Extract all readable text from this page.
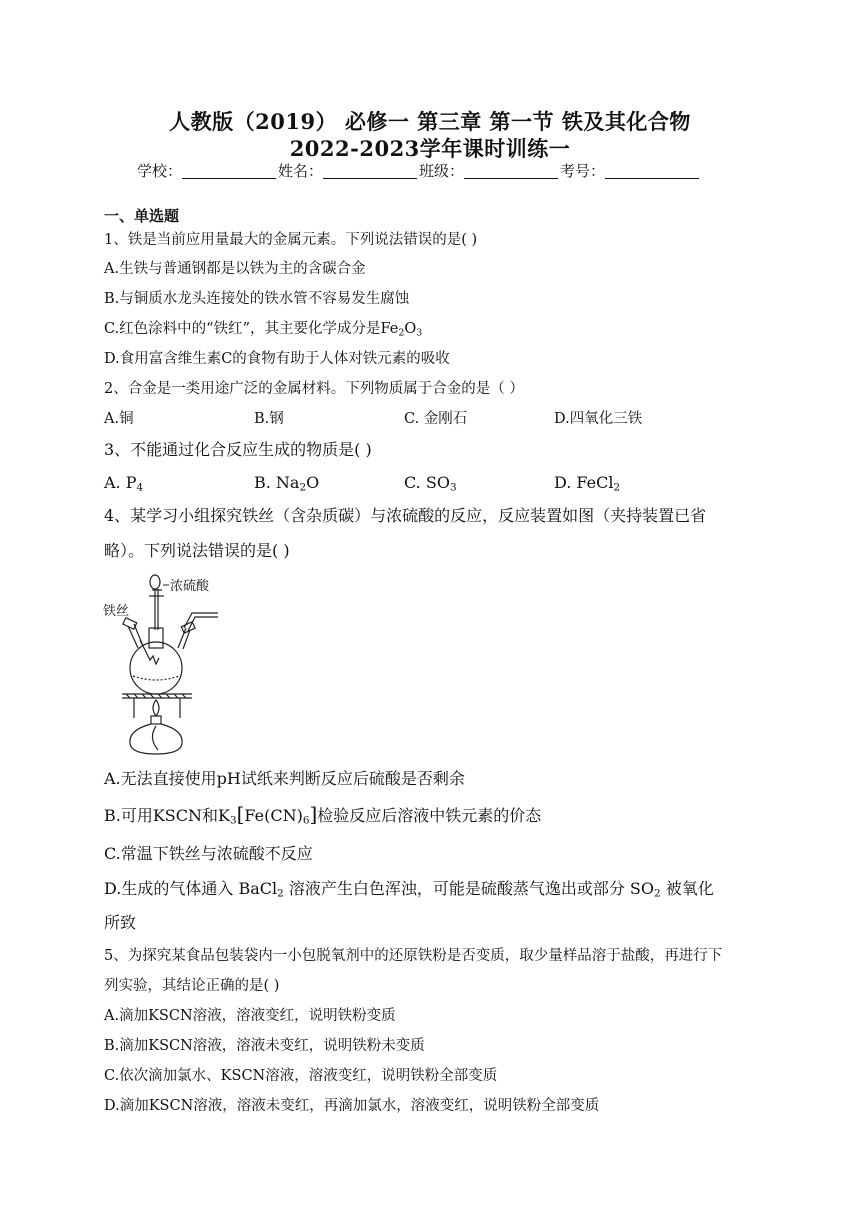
人教版（2019） 必修一 第三章 第一节 铁及其化合物
2022-2023学年课时训练一
学校：	姓名：	班级：	考号：
一、单选题
1、铁是当前应用量最大的金属元素。下列说法错误的是( )
A.生铁与普通钢都是以铁为主的含碳合金
B.与铜质水龙头连接处的铁水管不容易发生腐蚀
C.红色涂料中的“铁红”，其主要化学成分是$Fe_2O_3$
D.食用富含维生素C的食物有助于人体对铁元素的吸收
2、合金是一类用途广泛的金属材料。下列物质属于合金的是（ ）
A.铜	B.钢	C. 金刚石	D.四氧化三铁
3、不能通过化合反应生成的物质是( )
A. $P_4$	B. $Na_2O$	C. $SO_3$	D. FeCl$_2$
4、某学习小组探究铁丝（含杂质碳）与浓硫酸的反应，反应装置如图（夹持装置已省
略）。下列说法错误的是( )
浓硫酸
铁丝
A.无法直接使用pH试纸来判断反应后硫酸是否剩余
B.可用KSCN和$K_3[Fe(CN)_6]$检验反应后溶液中铁元素的价态
C.常温下铁丝与浓硫酸不反应
D.生成的气体通入 BaCl$_2$ 溶液产生白色浑浊，可能是硫酸蒸气逸出或部分 $SO_2$ 被氧化
所致
5、为探究某食品包装袋内一小包脱氧剂中的还原铁粉是否变质，取少量样品溶于盐酸，再进行下
列实验，其结论正确的是( )
A.滴加KSCN溶液，溶液变红，说明铁粉变质
B.滴加KSCN溶液，溶液未变红，说明铁粉未变质
C.依次滴加氯水、KSCN溶液，溶液变红，说明铁粉全部变质
D.滴加KSCN溶液，溶液未变红，再滴加氯水，溶液变红，说明铁粉全部变质
